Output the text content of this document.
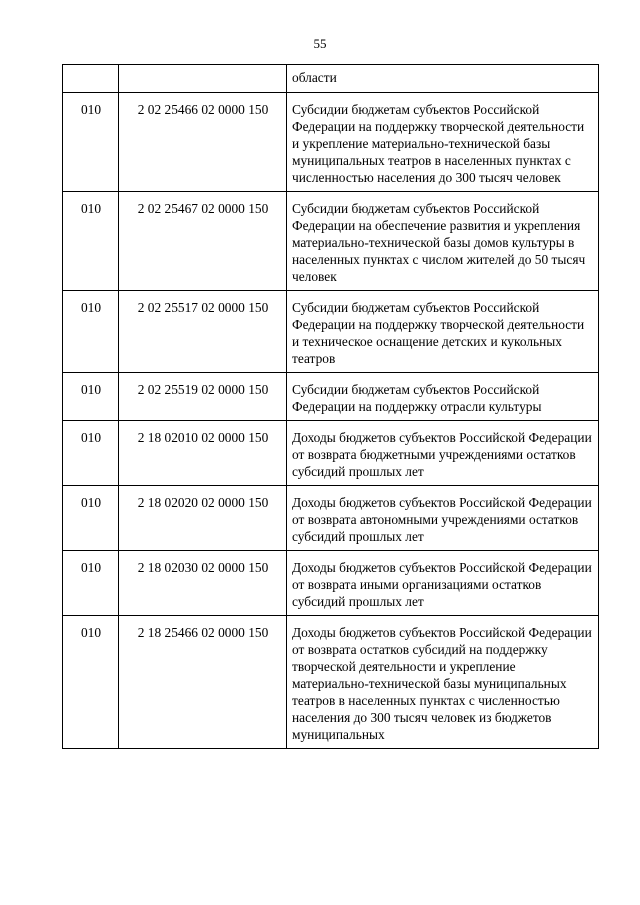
55
		области
010	2 02 25466 02 0000 150	Субсидии бюджетам субъектов Российской Федерации на поддержку творческой деятельности и укрепление материально-технической базы муниципальных театров в населенных пунктах с численностью населения до 300 тысяч человек
010	2 02 25467 02 0000 150	Субсидии бюджетам субъектов Российской Федерации на обеспечение развития и укрепления материально-технической базы домов культуры в населенных пунктах с числом жителей до 50 тысяч человек
010	2 02 25517 02 0000 150	Субсидии бюджетам субъектов Российской Федерации на поддержку творческой деятельности и техническое оснащение детских и кукольных театров
010	2 02 25519 02 0000 150	Субсидии бюджетам субъектов Российской Федерации на поддержку отрасли культуры
010	2 18 02010 02 0000 150	Доходы бюджетов субъектов Российской Федерации от возврата бюджетными учреждениями остатков субсидий прошлых лет
010	2 18 02020 02 0000 150	Доходы бюджетов субъектов Российской Федерации от возврата автономными учреждениями остатков субсидий прошлых лет
010	2 18 02030 02 0000 150	Доходы бюджетов субъектов Российской Федерации от возврата иными организациями остатков субсидий прошлых лет
010	2 18 25466 02 0000 150	Доходы бюджетов субъектов Российской Федерации от возврата остатков субсидий на поддержку творческой деятельности и укрепление материально-технической базы муниципальных театров в населенных пунктах с численностью населения до 300 тысяч человек из бюджетов муниципальных
